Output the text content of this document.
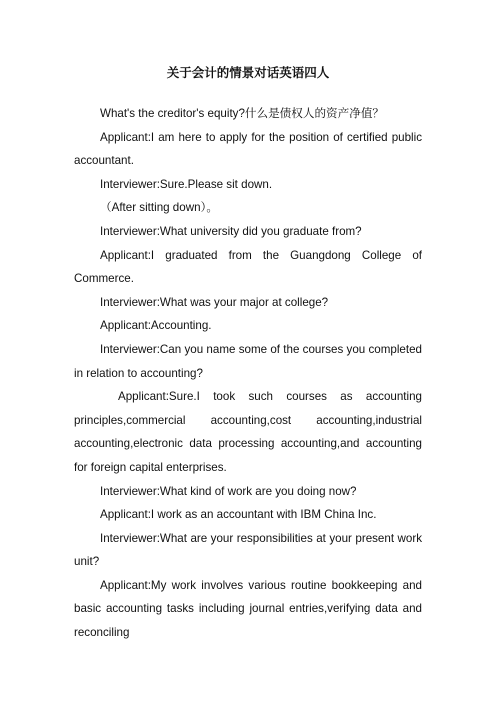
关于会计的情景对话英语四人

What's the creditor's equity?什么是债权人的资产净值？

Applicant:I am here to apply for the position of certified public accountant.

Interviewer:Sure.Please sit down.

（After sitting down）。

Interviewer:What university did you graduate from?

Applicant:I graduated from the Guangdong College of Commerce.

Interviewer:What was your major at college?

Applicant:Accounting.

Interviewer:Can you name some of the courses you completed in relation to accounting?

Applicant:Sure.I took such courses as accounting principles,commercial accounting,cost accounting,industrial accounting,electronic data processing accounting,and accounting for foreign capital enterprises.

Interviewer:What kind of work are you doing now?

Applicant:I work as an accountant with IBM China Inc.

Interviewer:What are your responsibilities at your present work unit?

Applicant:My work involves various routine bookkeeping and basic accounting tasks including journal entries,verifying data and reconciling
